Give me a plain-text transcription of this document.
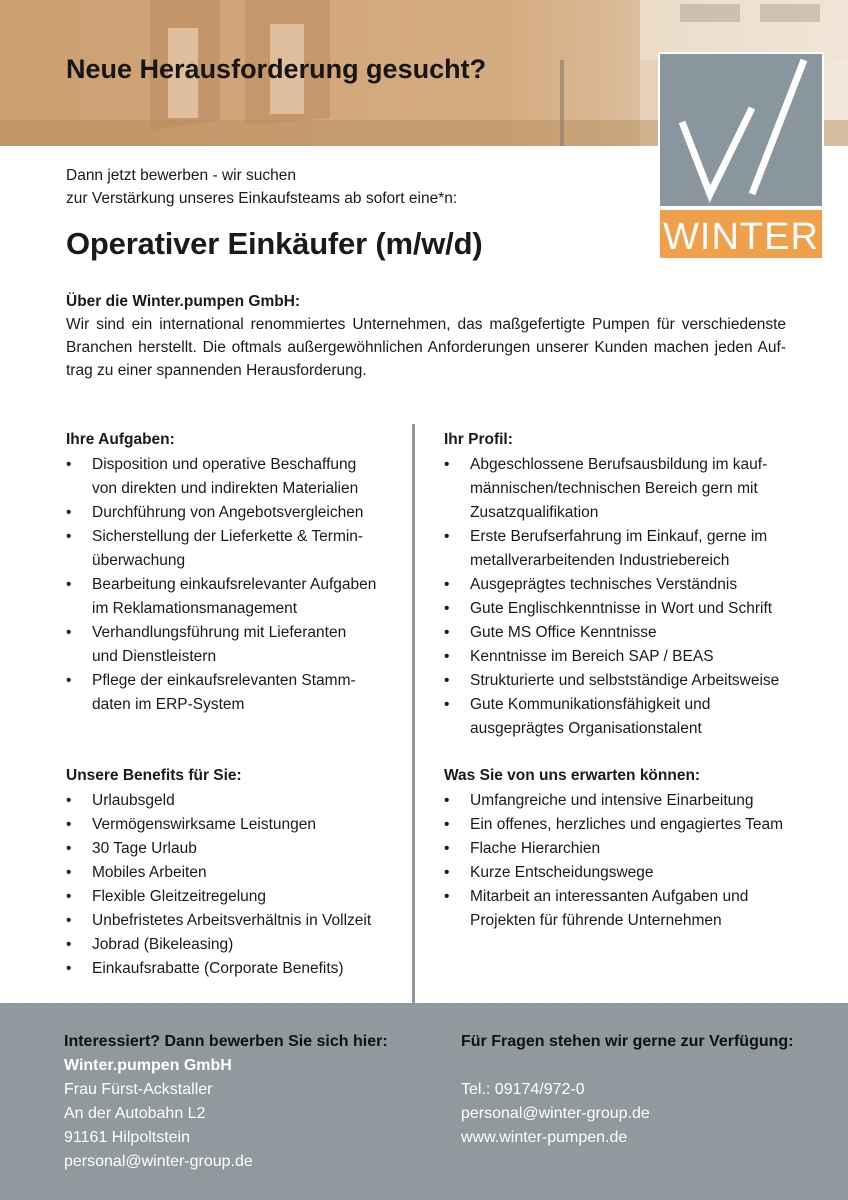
Neue Herausforderung gesucht?
WINTER

Dann jetzt bewerben - wir suchen
zur Verstärkung unseres Einkaufsteams ab sofort eine*n:

Operativer Einkäufer (m/w/d)
Über die Winter.pumpen GmbH:

Wir sind ein international renommiertes Unternehmen, das maßgefertigte Pumpen für verschiedenste Branchen herstellt. Die oftmals außergewöhnlichen Anforderungen unserer Kunden machen jeden Auftrag zu einer spannenden Herausforderung.

Ihre Aufgaben:
• Disposition und operative Beschaffung
von direkten und indirekten Materialien
• Durchführung von Angebotsvergleichen
• Sicherstellung der Lieferkette & Termin-
überwachung
• Bearbeitung einkaufsrelevanter Aufgaben
im Reklamationsmanagement
• Verhandlungsführung mit Lieferanten
und Dienstleistern
• Pflege der einkaufsrelevanten Stamm-
daten im ERP-System
Ihr Profil:
• Abgeschlossene Berufsausbildung im kauf-
männischen/technischen Bereich gern mit
Zusatzqualifikation
• Erste Berufserfahrung im Einkauf, gerne im
metallverarbeitenden Industriebereich
• Ausgeprägtes technisches Verständnis
• Gute Englischkenntnisse in Wort und Schrift
• Gute MS Office Kenntnisse
• Kenntnisse im Bereich SAP / BEAS
• Strukturierte und selbstständige Arbeitsweise
• Gute Kommunikationsfähigkeit und
ausgeprägtes Organisationstalent
Unsere Benefits für Sie:
• Urlaubsgeld
• Vermögenswirksame Leistungen
• 30 Tage Urlaub
• Mobiles Arbeiten
• Flexible Gleitzeitregelung
• Unbefristetes Arbeitsverhältnis in Vollzeit
• Jobrad (Bikeleasing)
• Einkaufsrabatte (Corporate Benefits)
Was Sie von uns erwarten können:
• Umfangreiche und intensive Einarbeitung
• Ein offenes, herzliches und engagiertes Team
• Flache Hierarchien
• Kurze Entscheidungswege
• Mitarbeit an interessanten Aufgaben und
Projekten für führende Unternehmen
Interessiert? Dann bewerben Sie sich hier:
Winter.pumpen GmbH
Frau Fürst-Ackstaller
An der Autobahn L2
91161 Hilpoltstein
personal@winter-group.de
Für Fragen stehen wir gerne zur Verfügung:

Tel.: 09174/972-0
personal@winter-group.de
www.winter-pumpen.de
